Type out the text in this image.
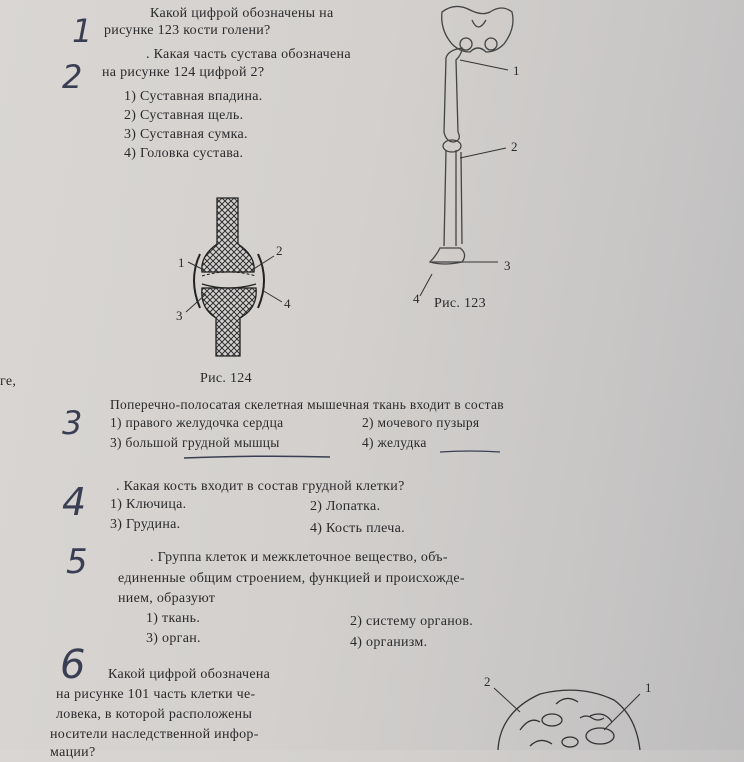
ге,
1	Какой цифрой обозначены на
рисунке 123 кости голени?
2
. Какая часть сустава обозначена
на рисунке 124 цифрой 2?
1) Суставная впадина.
2) Суставная щель.
3) Суставная сумка.
4) Головка сустава.
1
2
3
4 Рис. 123
1
2
3
4
Рис. 124
3 Поперечно-полосатая скелетная мышечная ткань входит в состав
1) правого желудочка сердца	2) мочевого пузыря
3) большой грудной мышцы	4) желудка
4 . Какая кость входит в состав грудной клетки?
1) Ключица.	2) Лопатка.
3) Грудина.	4) Кость плеча.
5	. Группа клеток и межклеточное вещество, объ-
единенные общим строением, функцией и происхожде-
нием, образуют
1) ткань.	2) систему органов.
3) орган.	4) организм.
6 Какой цифрой обозначена
на рисунке 101 часть клетки че-
ловека, в которой расположены
носители наследственной инфор-
мации?
2	1
